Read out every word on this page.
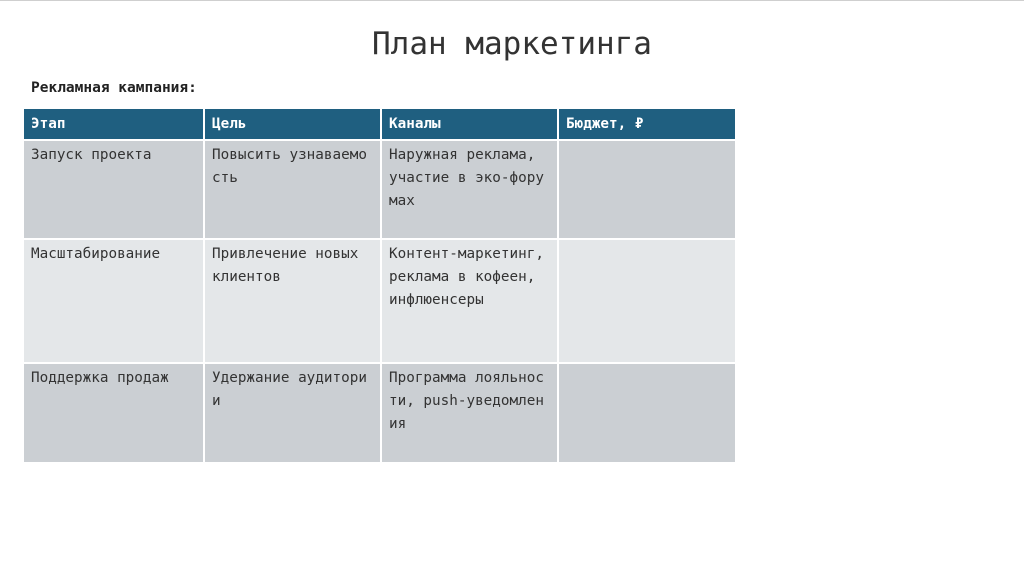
План маркетинга
Рекламная кампания:
Этап	Цель	Каналы	Бюджет, ₽
Запуск проекта	Повысить узнаваемость	Наружная реклама, участие в эко-форумах	
Масштабирование	Привлечение новых клиентов	Контент-маркетинг, реклама в кофеен, инфлюенсеры	
Поддержка продаж	Удержание аудитории	Программа лояльности, push-уведомления	
